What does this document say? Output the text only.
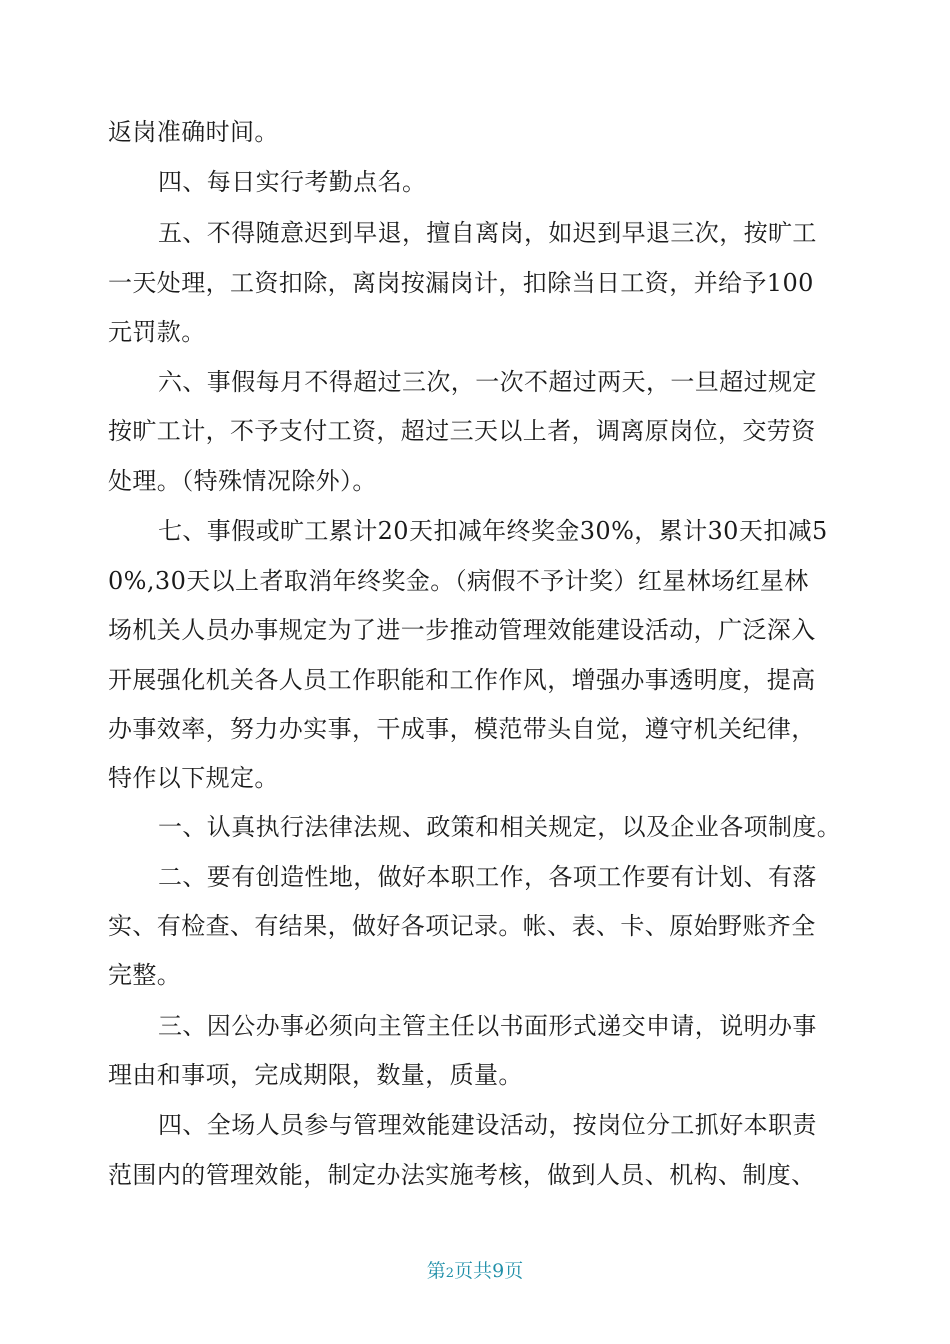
返岗准确时间。
四、每日实行考勤点名。
五、不得随意迟到早退，擅自离岗，如迟到早退三次，按旷工
一天处理，工资扣除，离岗按漏岗计，扣除当日工资，并给予100
元罚款。
六、事假每月不得超过三次，一次不超过两天，一旦超过规定
按旷工计，不予支付工资，超过三天以上者，调离原岗位，交劳资
处理。（特殊情况除外）。
七、事假或旷工累计20天扣减年终奖金30%，累计30天扣减5
0%,30天以上者取消年终奖金。（病假不予计奖）红星林场红星林
场机关人员办事规定为了进一步推动管理效能建设活动，广泛深入
开展强化机关各人员工作职能和工作作风，增强办事透明度，提高
办事效率，努力办实事，干成事，模范带头自觉，遵守机关纪律，
特作以下规定。
一、认真执行法律法规、政策和相关规定，以及企业各项制度。
二、要有创造性地，做好本职工作，各项工作要有计划、有落
实、有检查、有结果，做好各项记录。帐、表、卡、原始野账齐全
完整。
三、因公办事必须向主管主任以书面形式递交申请，说明办事
理由和事项，完成期限，数量，质量。
四、全场人员参与管理效能建设活动，按岗位分工抓好本职责
范围内的管理效能，制定办法实施考核，做到人员、机构、制度、
第2页共9页
